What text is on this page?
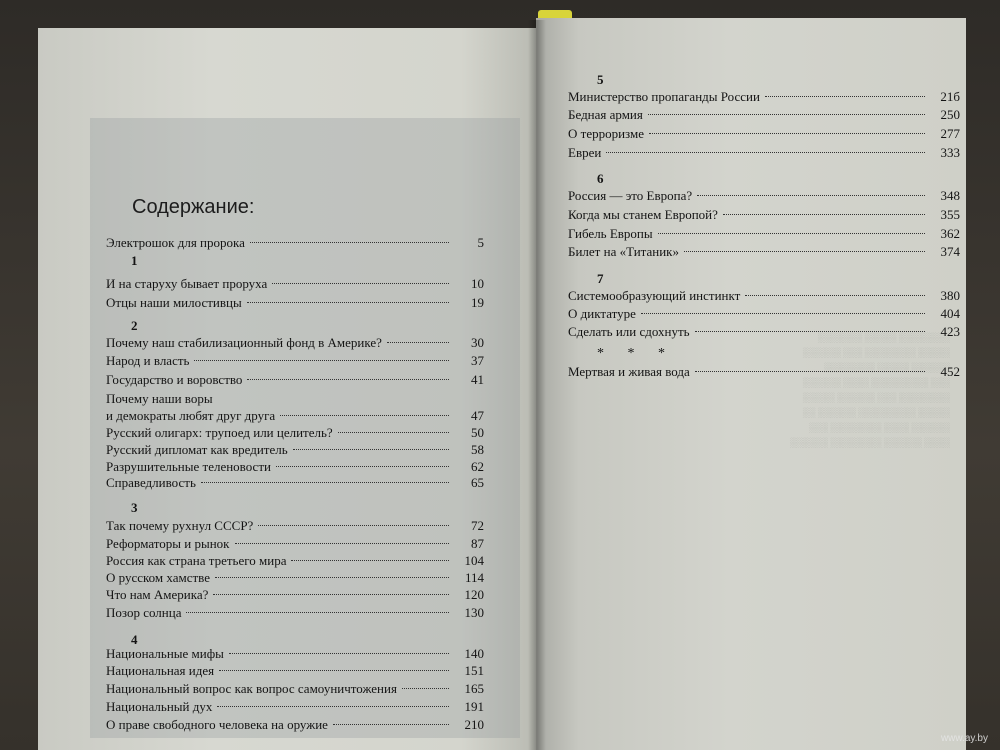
░░░░ ░░░░░░ ░░░░░░░░ ░░░░░░
░░░░░░ ░░░░ ░░░░░░░░ ░░░
░░░░░ ░░░░░░░░░ ░░░░░░ ░░
░░░░░░░░ ░░░ ░░░░░░ ░░░░░
░░░ ░░░░░░░░░ ░░░░ ░░░░░░
░░░░░░ ░░░░░ ░░░░░░░░
░░░░░ ░░░░░░░░ ░░░ ░░░░░░
░░░░░░░░ ░░░░░ ░░░░░░░
Содержание:
1
2
3
4
5
6
7
* * *
Электрошок для пророка	5
И на старуху бывает проруха	10
Отцы наши милостивцы	19
Почему наш стабилизационный фонд в Америке?	30
Народ и власть	37
Государство и воровство	41
Почему наши воры
и демократы любят друг друга	47
Русский олигарх: трупоед или целитель?	50
Русский дипломат как вредитель	58
Разрушительные теленовости	62
Справедливость	65
Так почему рухнул СССР?	72
Реформаторы и рынок	87
Россия как страна третьего мира	104
О русском хамстве	114
Что нам Америка?	120
Позор солнца	130
Национальные мифы	140
Национальная идея	151
Национальный вопрос как вопрос самоуничтожения	165
Национальный дух	191
О праве свободного человека на оружие	210
Министерство пропаганды России	21б
Бедная армия	250
О терроризме	277
Евреи	333
Россия — это Европа?	348
Когда мы станем Европой?	355
Гибель Европы	362
Билет на «Титаник»	374
Системообразующий инстинкт	380
О диктатуре	404
Сделать или сдохнуть	423
Мертвая и живая вода	452
www.ay.by
